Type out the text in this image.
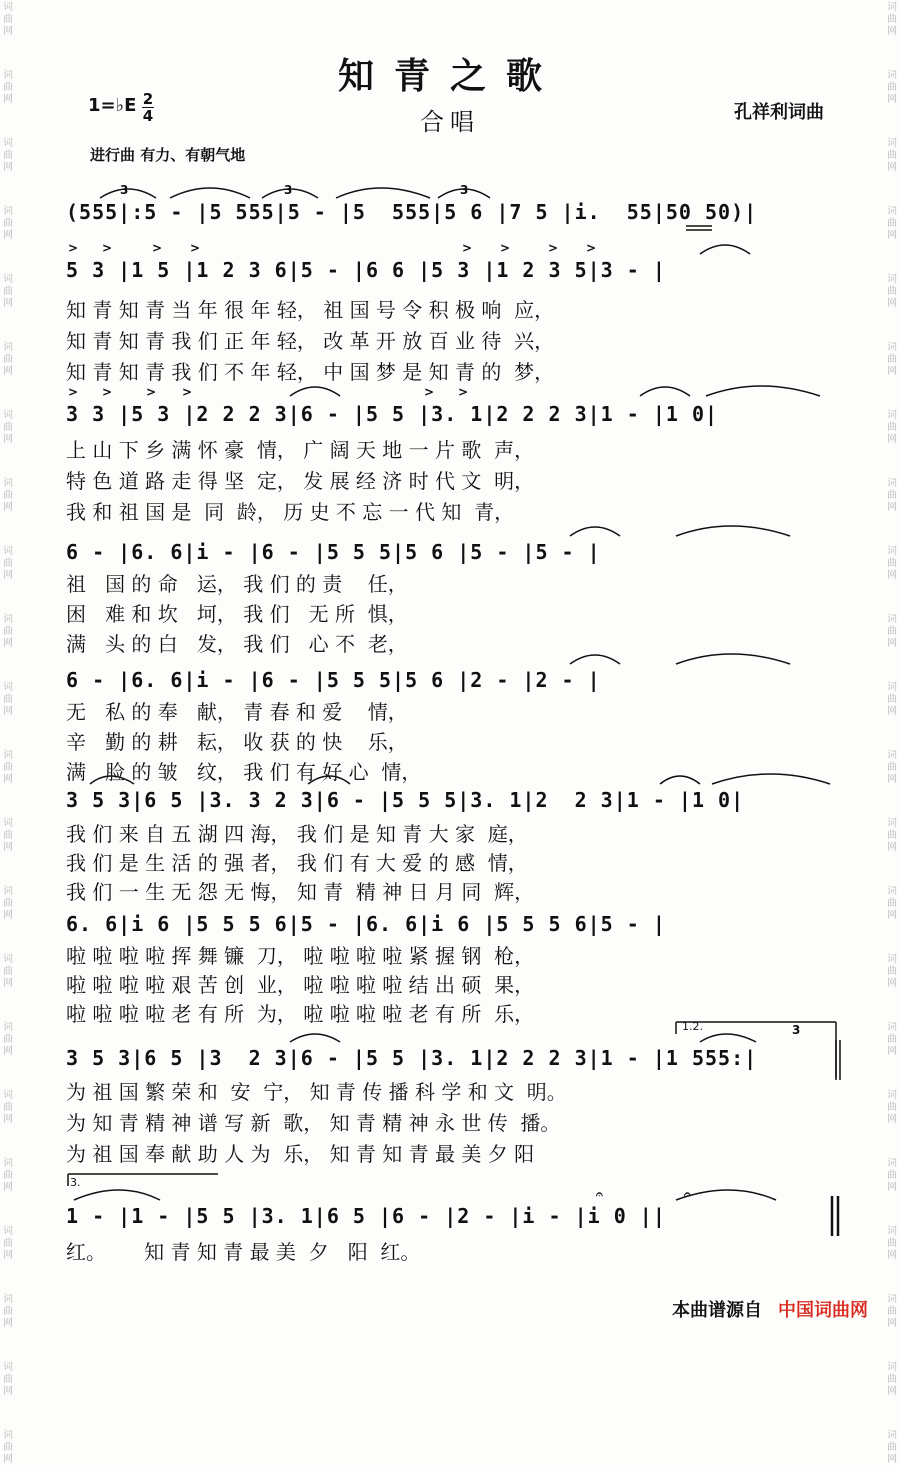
词
曲
网
词
曲
网
词
曲
网
词
曲
网
词
曲
网
词
曲
网
词
曲
网
词
曲
网
词
曲
网
词
曲
网
词
曲
网
词
曲
网
词
曲
网
词
曲
网
词
曲
网
词
曲
网
词
曲
网
词
曲
网
词
曲
网
词
曲
网
词
曲
网
词
曲
网
词
曲
网
词
曲
网
词
曲
网
词
曲
网
词
曲
网
词
曲
网
词
曲
网
词
曲
网
词
曲
网
词
曲
网
词
曲
网
词
曲
网
词
曲
网
词
曲
网
词
曲
网
词
曲
网
词
曲
网
词
曲
网
词
曲
网
词
曲
网
词
曲
网
词
曲
网
知青之歌
合唱
1=♭E 2
4	孔祥利词曲
进行曲 有力、有朝气地
(555|:5 - |5 555|5 - |5  555|5 6 |7 5 |i.  55|50 50)|
5 3 |1 5 |1 2 3 6|5 - |6 6 |5 3 |1 2 3 5|3 - |
知 青 知 青 当 年 很 年 轻， 祖 国 号 令 积 极 响  应，
知 青 知 青 我 们 正 年 轻， 改 革 开 放 百 业 待  兴，
知 青 知 青 我 们 不 年 轻， 中 国 梦 是 知 青 的  梦，
3 3 |5 3 |2 2 2 3|6 - |5 5 |3. 1|2 2 2 3|1 - |1 0|
上 山 下 乡 满 怀 豪  情， 广 阔 天 地 一 片 歌  声，
特 色 道 路 走 得 坚  定， 发 展 经 济 时 代 文  明，
我 和 祖 国 是  同  龄， 历 史 不 忘 一 代 知  青，
6 - |6. 6|i - |6 - |5 5 5|5 6 |5 - |5 - |
祖   国 的 命   运， 我 们 的 责    任，
困   难 和 坎   坷， 我 们   无 所  惧，
满   头 的 白   发， 我 们   心 不  老，
6 - |6. 6|i - |6 - |5 5 5|5 6 |2 - |2 - |
无   私 的 奉   献， 青 春 和 爱    情，
辛   勤 的 耕   耘， 收 获 的 快    乐，
满   脸 的 皱   纹， 我 们 有 好 心  情，
3 5 3|6 5 |3. 3 2 3|6 - |5 5 5|3. 1|2  2 3|1 - |1 0|
我 们 来 自 五 湖 四 海， 我 们 是 知 青 大 家  庭，
我 们 是 生 活 的 强 者， 我 们 有 大 爱 的 感  情，
我 们 一 生 无 怨 无 悔， 知 青  精 神 日 月 同  辉，
6. 6|i 6 |5 5 5 6|5 - |6. 6|i 6 |5 5 5 6|5 - |
啦 啦 啦 啦 挥 舞 镰  刀， 啦 啦 啦 啦 紧 握 钢  枪，
啦 啦 啦 啦 艰 苦 创  业， 啦 啦 啦 啦 结 出 硕  果，
啦 啦 啦 啦 老 有 所  为， 啦 啦 啦 啦 老 有 所  乐，
3 5 3|6 5 |3  2 3|6 - |5 5 |3. 1|2 2 2 3|1 - |1 555:|
为 祖 国 繁 荣 和  安  宁， 知 青 传 播 科 学 和 文  明。
为 知 青 精 神 谱 写 新  歌， 知 青 精 神 永 世 传  播。
为 祖 国 奉 献 助 人 为  乐， 知 青 知 青 最 美 夕 阳
1.2.
1 - |1 - |5 5 |3. 1|6 5 |6 - |2 - |i - |i 0 ||
红。      知 青 知 青 最 美  夕   阳  红。
3.
3	3	3
3
𝄐	𝄐
> >	> >	> >	> >
> >	> >	> >
本曲谱源自 中国词曲网
